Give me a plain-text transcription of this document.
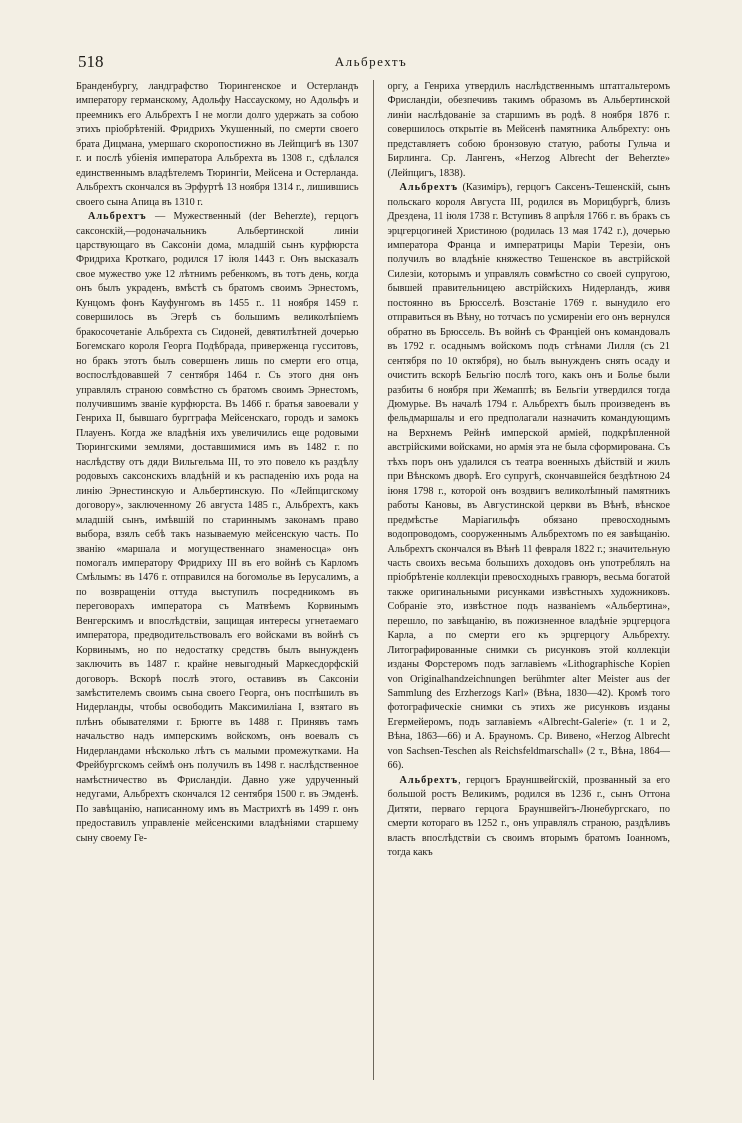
518	Альбрехтъ

Бранденбургу, ландграфство Тюрингенское и Остерландъ императору германскому, Адольфу Нассаускому, но Адольфъ и преемникъ его Альбрехтъ I не могли долго удержать за собою этихъ пріобрѣтеній. Фридрихъ Укушенный, по смерти своего брата Дицмана, умершаго скоропостижно въ Лейпцигѣ въ 1307 г. и послѣ убіенія императора Альбрехта въ 1308 г., сдѣлался единственнымъ владѣтелемъ Тюрингіи, Мейсена и Остерланда. Альбрехтъ скончался въ Эрфуртѣ 13 ноября 1314 г., лишившись своего сына Апица въ 1310 г.

Альбрехтъ — Мужественный (der Beherzte), герцогъ саксонскій,—родоначальникъ Альбертинской линіи царствующаго въ Саксоніи дома, младшій сынъ курфюрста Фридриха Кроткаго, родился 17 іюля 1443 г. Онъ высказалъ свое мужество уже 12 лѣтнимъ ребенкомъ, въ тотъ день, когда онъ былъ украденъ, вмѣстѣ съ братомъ своимъ Эрнестомъ, Кунцомъ фонъ Кауфунгомъ въ 1455 г.. 11 ноября 1459 г. совершилось въ Эгерѣ съ большимъ великолѣпіемъ бракосочетаніе Альбрехта съ Сидоней, девятилѣтней дочерью Богемскаго короля Георга Подѣбрада, приверженца гусситовъ, но бракъ этотъ былъ совершенъ лишь по смерти его отца, воспослѣдовавшей 7 сентября 1464 г. Съ этого дня онъ управлялъ страною совмѣстно съ братомъ своимъ Эрнестомъ, получившимъ званіе курфюрста. Въ 1466 г. братья завоевали у Генриха II, бывшаго бургграфа Мейсенскаго, городъ и замокъ Плауенъ. Когда же владѣнія ихъ увеличились еще родовыми Тюрингскими землями, доставшимися имъ въ 1482 г. по наслѣдству отъ дяди Вильгельма III, то это повело къ раздѣлу родовыхъ саксонскихъ владѣній и къ распаденію ихъ рода на линію Эрнестинскую и Альбертинскую. По «Лейпцигскому договору», заключенному 26 августа 1485 г., Альбрехтъ, какъ младшій сынъ, имѣвшій по стариннымъ законамъ право выбора, взялъ себѣ такъ называемую мейсенскую часть. По званію «маршала и могущественнаго знаменосца» онъ помогалъ императору Фридриху III въ его войнѣ съ Карломъ Смѣлымъ: въ 1476 г. отправился на богомолье въ Іерусалимъ, а по возвращеніи оттуда выступилъ посредникомъ въ переговорахъ императора съ Матвѣемъ Корвинымъ Венгерскимъ и впослѣдствіи, защищая интересы угнетаемаго императора, предводительствовалъ его войсками въ войнѣ съ Корвинымъ, но по недостатку средствъ былъ вынужденъ заключить въ 1487 г. крайне невыгодный Маркеcдорфскій договоръ. Вскорѣ послѣ этого, оставивъ въ Саксоніи замѣстителемъ своимъ сына своего Георга, онъ поспѣшилъ въ Нидерланды, чтобы освободить Максимиліана I, взятаго въ плѣнъ обывателями г. Брюгге въ 1488 г. Принявъ тамъ начальство надъ имперскимъ войскомъ, онъ воевалъ съ Нидерландами нѣсколько лѣтъ съ малыми промежутками. На Фрейбургскомъ сеймѣ онъ получилъ въ 1498 г. наслѣдственное намѣстничество въ Фрисландіи. Давно уже удрученный недугами, Альбрехтъ скончался 12 сентября 1500 г. въ Эмденѣ. По завѣщанію, написанному имъ въ Мастрихтѣ въ 1499 г. онъ предоставилъ управленіе мейсенскими владѣніями старшему сыну своему Ге-

оргу, а Генриха утвердилъ наслѣдственнымъ штатгальтеромъ Фрисландіи, обезпечивъ такимъ образомъ въ Альбертинской линіи наслѣдованіе за старшимъ въ родѣ. 8 ноября 1876 г. совершилось открытіе въ Мейсенѣ памятника Альбрехту: онъ представляетъ собою бронзовую статую, работы Гульча и Бирлинга. Ср. Лангенъ, «Herzog Albrecht der Beherzte» (Лейпцигъ, 1838).

Альбрехтъ (Казиміръ), герцогъ Саксенъ-Тешенскій, сынъ польскаго короля Августа III, родился въ Морицбургѣ, близъ Дрездена, 11 іюля 1738 г. Вступивъ 8 апрѣля 1766 г. въ бракъ съ эрцгерцогиней Христиною (родилась 13 мая 1742 г.), дочерью императора Франца и императрицы Маріи Терезіи, онъ получилъ во владѣніе княжество Тешенское въ австрійской Силезіи, которымъ и управлялъ совмѣстно со своей супругою, бывшей правительницею австрійскихъ Нидерландъ, живя постоянно въ Брюсселѣ. Возстаніе 1769 г. вынудило его отправиться въ Вѣну, но тотчасъ по усмиреніи его онъ вернулся обратно въ Брюссель. Въ войнѣ съ Франціей онъ командовалъ въ 1792 г. осаднымъ войскомъ подъ стѣнами Лилля (съ 21 сентября по 10 октября), но былъ вынужденъ снять осаду и очистить вскорѣ Бельгію послѣ того, какъ онъ и Болье были разбиты 6 ноября при Жемаппѣ; въ Бельгіи утвердился тогда Дюмурье. Въ началѣ 1794 г. Альбрехтъ былъ произведенъ въ фельдмаршалы и его предполагали назначить командующимъ на Верхнемъ Рейнѣ имперской арміей, подкрѣпленной австрійскими войсками, но армія эта не была сформирована. Съ тѣхъ поръ онъ удалился съ театра военныхъ дѣйствій и жилъ при Вѣнскомъ дворѣ. Его супругѣ, скончавшейся бездѣтною 24 іюня 1798 г., которой онъ воздвигъ великолѣпный памятникъ работы Кановы, въ Августинской церкви въ Вѣнѣ, вѣнское предмѣстье Маріагильфъ обязано превосходнымъ водопроводомъ, сооруженнымъ Альбрехтомъ по ея завѣщанію. Альбрехтъ скончался въ Вѣнѣ 11 февраля 1822 г.; значительную часть своихъ весьма большихъ доходовъ онъ употреблялъ на пріобрѣтеніе коллекціи превосходныхъ гравюръ, весьма богатой также оригинальными рисунками извѣстныхъ художниковъ. Собраніе это, извѣстное подъ названіемъ «Альбертина», перешло, по завѣщанію, въ пожизненное владѣніе эрцгерцога Карла, а по смерти его къ эрцгерцогу Альбрехту. Литографированные снимки съ рисунковъ этой коллекціи изданы Форстеромъ подъ заглавіемъ «Lithographische Kopien von Originalhandzeichnungen berühmter alter Meister aus der Sammlung des Erzherzogs Karl» (Вѣна, 1830—42). Кромѣ того фотографическіе снимки съ этихъ же рисунковъ изданы Егермейеромъ, подъ заглавіемъ «Albrecht-Galerie» (т. 1 и 2, Вѣна, 1863—66) и А. Брауномъ. Ср. Вивено, «Herzog Albrecht von Sachsen-Teschen als Reichsfeldmarschall» (2 т., Вѣна, 1864—66).

Альбрехтъ, герцогъ Брауншвейгскій, прозванный за его большой ростъ Великимъ, родился въ 1236 г., сынъ Оттона Дитяти, перваго герцога Брауншвейгъ-Люнебургскаго, по смерти котораго въ 1252 г., онъ управлялъ страною, раздѣливъ власть впослѣдствіи съ своимъ вторымъ братомъ Іоанномъ, тогда какъ
